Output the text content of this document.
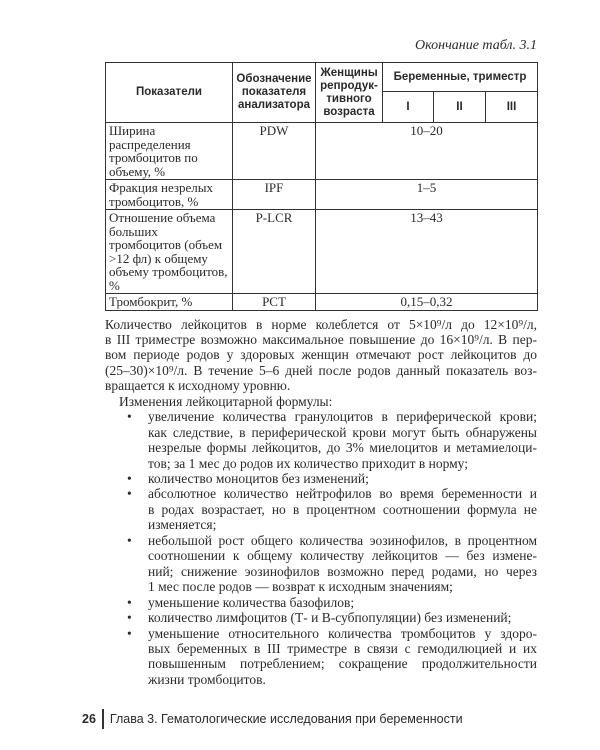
Окончание табл. 3.1
Показатели	Обозначение показателя анализатора	Женщины репродук-тивного возраста	Беременные, триместр		
			I	II	III
Ширина распределения тромбоцитов по объему, %	PDW	10–20			
Фракция незрелых тромбоцитов, %	IPF	1–5			
Отношение объема больших тромбоцитов (объем >12 фл) к общему объему тромбоцитов, %	P-LCR	13–43			
Тромбокрит, %	PCT	0,15–0,32			
Количество лейкоцитов в норме колеблется от 5×10⁹/л до 12×10⁹/л,
в III триместре возможно максимальное повышение до 16×10⁹/л. В пер-
вом периоде родов у здоровых женщин отмечают рост лейкоцитов до
(25–30)×10⁹/л. В течение 5–6 дней после родов данный показатель воз-
вращается к исходному уровню.
Изменения лейкоцитарной формулы:
• увеличение количества гранулоцитов в периферической крови;
как следствие, в периферической крови могут быть обнаружены
незрелые формы лейкоцитов, до 3% миелоцитов и метамиелоци-
тов; за 1 мес до родов их количество приходит в норму;
• количество моноцитов без изменений;
• абсолютное количество нейтрофилов во время беременности и
в родах возрастает, но в процентном соотношении формула не
изменяется;
• небольшой рост общего количества эозинофилов, в процентном
соотношении к общему количеству лейкоцитов — без измене-
ний; снижение эозинофилов возможно перед родами, но через
1 мес после родов — возврат к исходным значениям;
• уменьшение количества базофилов;
• количество лимфоцитов (Т- и В-субпопуляции) без изменений;
• уменьшение относительного количества тромбоцитов у здоро-
вых беременных в III триместре в связи с гемодилюцией и их
повышенным потреблением; сокращение продолжительности
жизни тромбоцитов.
26 Глава 3. Гематологические исследования при беременности
